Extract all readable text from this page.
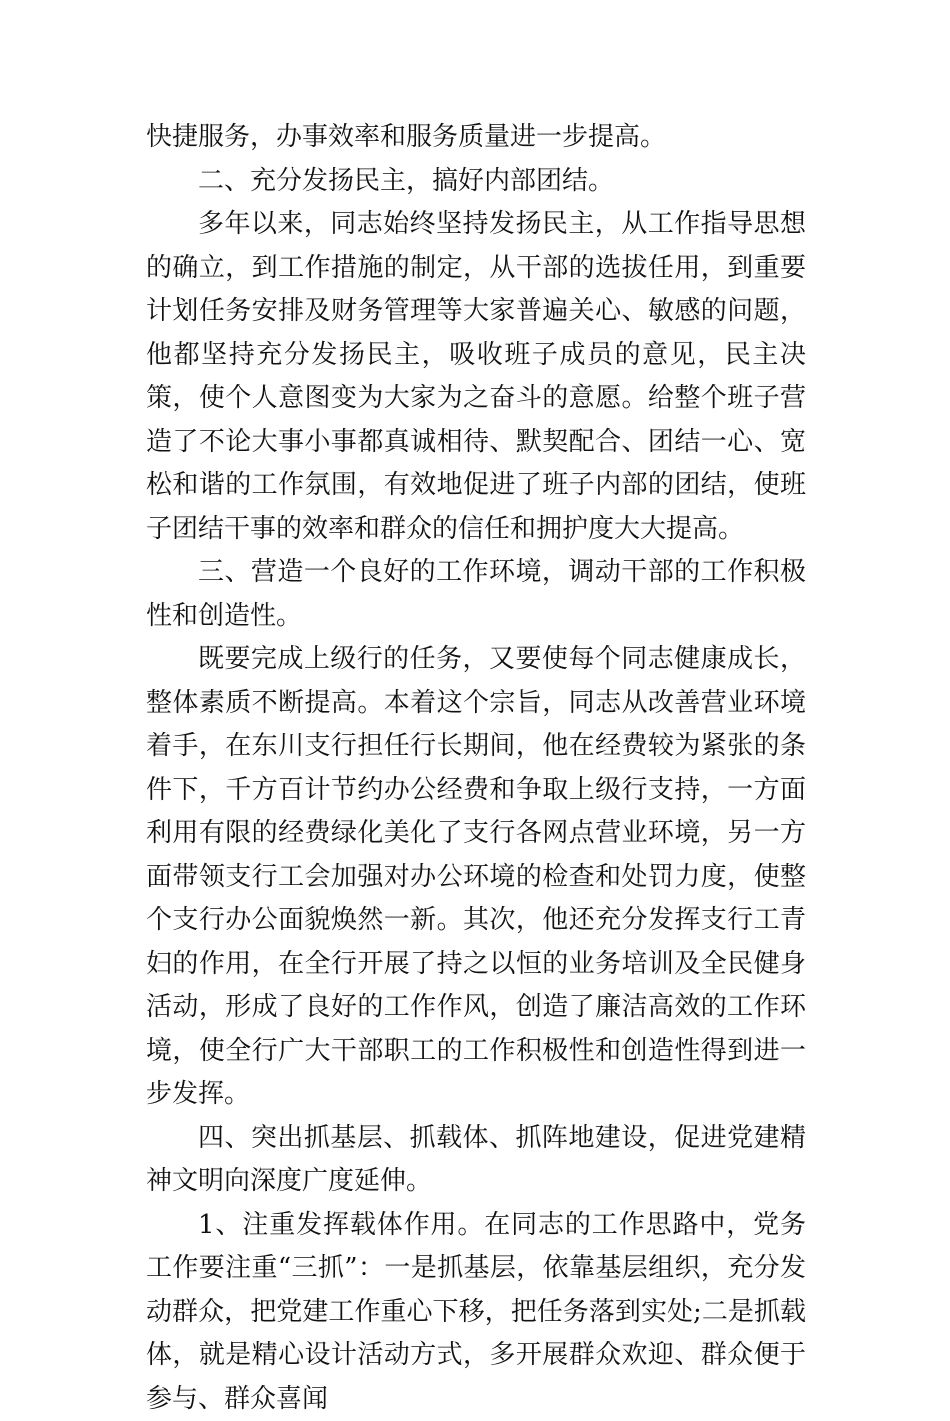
快捷服务，办事效率和服务质量进一步提高。

二、充分发扬民主，搞好内部团结。

多年以来，同志始终坚持发扬民主，从工作指导思想的确立，到工作措施的制定，从干部的选拔任用，到重要计划任务安排及财务管理等大家普遍关心、敏感的问题，他都坚持充分发扬民主，吸收班子成员的意见，民主决策，使个人意图变为大家为之奋斗的意愿。给整个班子营造了不论大事小事都真诚相待、默契配合、团结一心、宽松和谐的工作氛围，有效地促进了班子内部的团结，使班子团结干事的效率和群众的信任和拥护度大大提高。

三、营造一个良好的工作环境，调动干部的工作积极性和创造性。

既要完成上级行的任务，又要使每个同志健康成长，整体素质不断提高。本着这个宗旨，同志从改善营业环境着手，在东川支行担任行长期间，他在经费较为紧张的条件下，千方百计节约办公经费和争取上级行支持，一方面利用有限的经费绿化美化了支行各网点营业环境，另一方面带领支行工会加强对办公环境的检查和处罚力度，使整个支行办公面貌焕然一新。其次，他还充分发挥支行工青妇的作用，在全行开展了持之以恒的业务培训及全民健身活动，形成了良好的工作作风，创造了廉洁高效的工作环境，使全行广大干部职工的工作积极性和创造性得到进一步发挥。

四、突出抓基层、抓载体、抓阵地建设，促进党建精神文明向深度广度延伸。

1、注重发挥载体作用。在同志的工作思路中，党务工作要注重“三抓”：一是抓基层，依靠基层组织，充分发动群众，把党建工作重心下移，把任务落到实处;二是抓载体，就是精心设计活动方式，多开展群众欢迎、群众便于参与、群众喜闻
